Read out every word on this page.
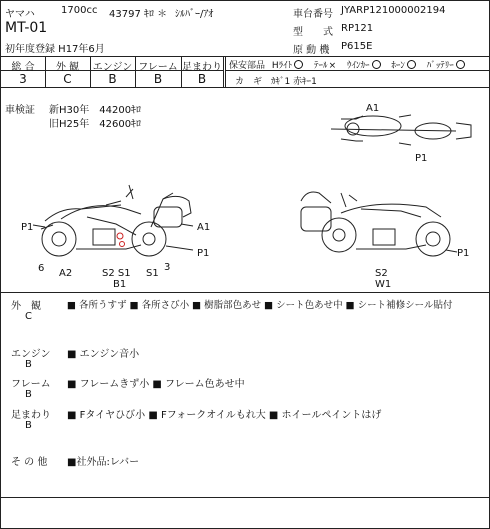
ヤマハ	1700cc 43797 ｷﾛ ＊ ｼﾙﾊﾞｰ/ｱｵ
MT-01
初年度登録 H17年6月
車台番号 JYARP121000002194
型　　式 RP121
原 動 機 P615E
総 合	外 観	エンジン フレーム 足まわり
3	C	B	B	B
保安部品 Hﾗｲﾄ ﾃｰﾙ× ｳｲﾝｶｰ ﾎｰﾝ ﾊﾞｯﾃﾘｰ
カ　ギ　ｶｷﾞ1 赤ｷｰ1
車検証 新H30年　44200ｷﾛ
旧H25年　42600ｷﾛ
A1
P1
P1	A1
P1
6 A2	S2 S1
B1
S1
3
P1
S2
W1
外　観
C
■ 各所うすず ■ 各所さび小 ■ 樹脂部色あせ ■ シート色あせ中 ■ シート補修シール貼付
エンジン
B
■ エンジン音小
フレーム
B
■ フレームきず小 ■ フレーム色あせ中
足まわり
B
■ Fタイヤひび小 ■ Fフォークオイルもれ大 ■ ホイールペイントはげ
そ の 他 ■社外品:レバー
